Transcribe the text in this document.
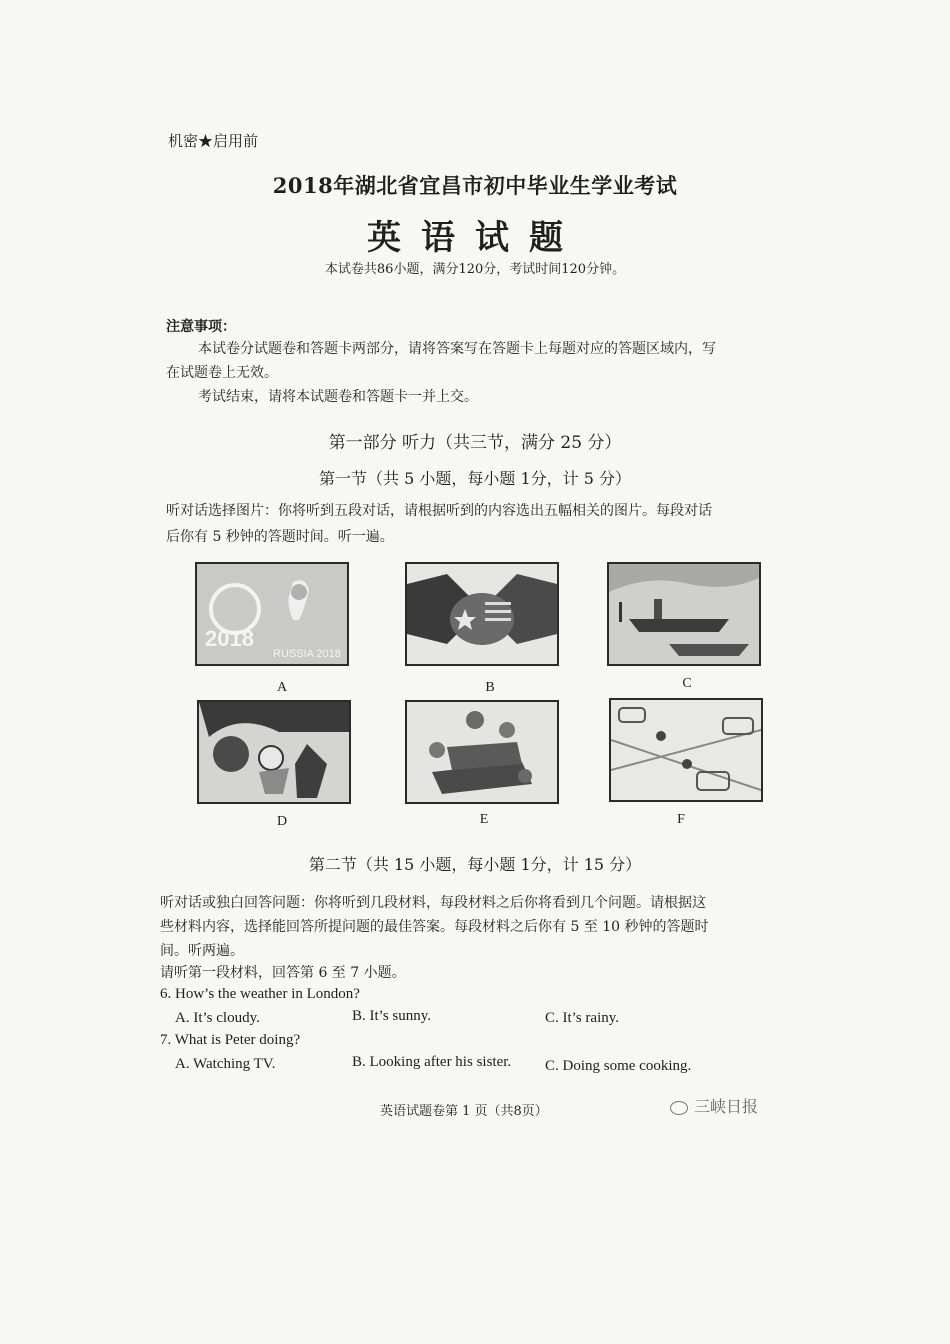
机密★启用前
2018年湖北省宜昌市初中毕业生学业考试
英语试题
本试卷共86小题，满分120分，考试时间120分钟。
注意事项：
本试卷分试题卷和答题卡两部分，请将答案写在答题卡上每题对应的答题区域内，写
在试题卷上无效。
考试结束，请将本试题卷和答题卡一并上交。
第一部分 听力（共三节，满分 25 分）
第一节（共 5 小题，每小题 1分，计 5 分）
听对话选择图片：你将听到五段对话，请根据听到的内容选出五幅相关的图片。每段对话
后你有 5 秒钟的答题时间。听一遍。
2018
RUSSIA 2018
A	B	C
D	E	F
第二节（共 15 小题，每小题 1分，计 15 分）
听对话或独白回答问题：你将听到几段材料，每段材料之后你将看到几个问题。请根据这
些材料内容，选择能回答所提问题的最佳答案。每段材料之后你有 5 至 10 秒钟的答题时
间。听两遍。
请听第一段材料，回答第 6 至 7 小题。
6. How’s the weather in London?
A. It’s cloudy.	B. It’s sunny.	C. It’s rainy.
7. What is Peter doing?
A. Watching TV.	B. Looking after his sister. C. Doing some cooking.
英语试题卷第 1 页（共8页）	三峡日报
